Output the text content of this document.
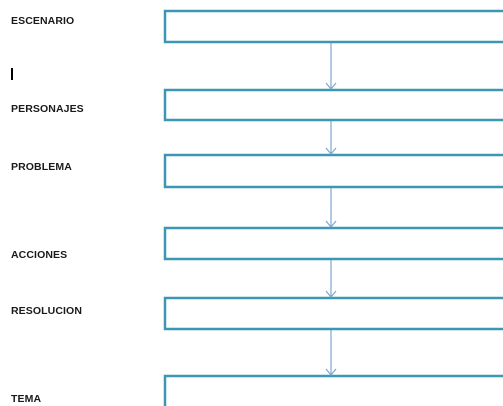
ESCENARIO
PERSONAJES
PROBLEMA
ACCIONES
RESOLUCION
TEMA
